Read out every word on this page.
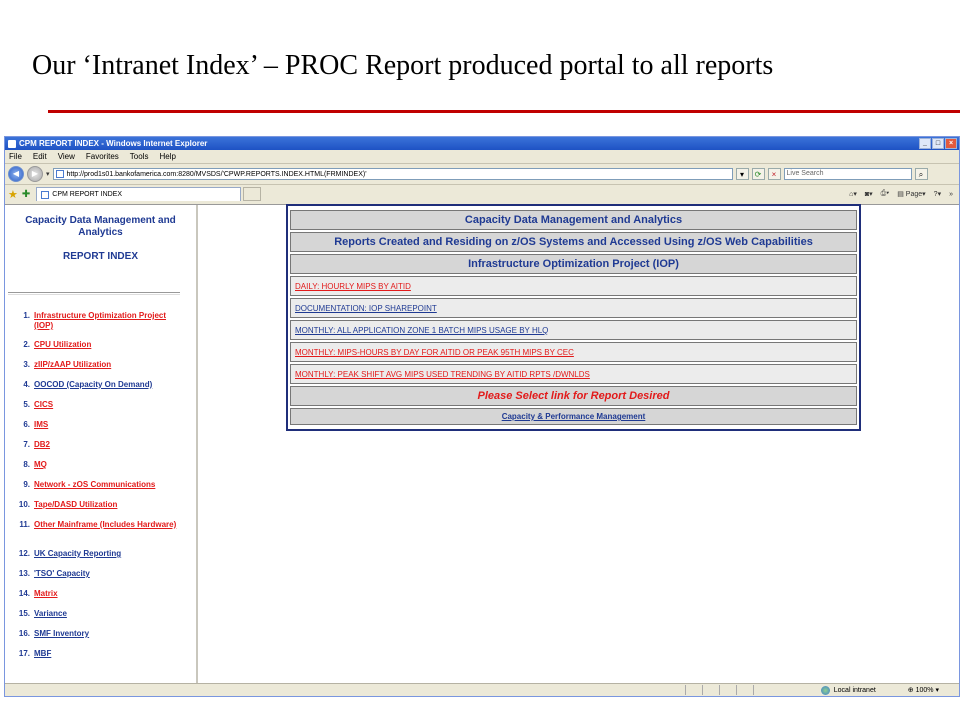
Our ‘Intranet Index’ – PROC Report produced portal to all reports
CPM REPORT INDEX - Windows Internet Explorer	_	□	×
File Edit View Favorites Tools Help
◀	▶	▾ http://prod1s01.bankofamerica.com:8280/MVSDS/'CPWP.REPORTS.INDEX.HTML(FRMINDEX)'	▾	⟳	×	Live Search	⌕
★ ✚	CPM REPORT INDEX	⌂▾ ◙▾ ⎙▾ ▤ Page▾ ?▾ »
Capacity Data Management and Analytics
REPORT INDEX
1. Infrastructure Optimization Project (IOP)
2. CPU Utilization
3. zIIP/zAAP Utilization
4. OOCOD (Capacity On Demand)
5. CICS
6. IMS
7. DB2
8. MQ
9. Network - zOS Communications
10. Tape/DASD Utilization
11. Other Mainframe (Includes Hardware)
12. UK Capacity Reporting
13. 'TSO' Capacity
14. Matrix
15. Variance
16. SMF Inventory
17. MBF
Capacity Data Management and Analytics
Reports Created and Residing on z/OS Systems and Accessed Using z/OS Web Capabilities
Infrastructure Optimization Project (IOP)
DAILY: HOURLY MIPS BY AITID
DOCUMENTATION: IOP SHAREPOINT
MONTHLY: ALL APPLICATION ZONE 1 BATCH MIPS USAGE BY HLQ
MONTHLY: MIPS-HOURS BY DAY FOR AITID OR PEAK 95TH MIPS BY CEC
MONTHLY: PEAK SHIFT AVG MIPS USED TRENDING BY AITID RPTS /DWNLDS
Please Select link for Report Desired
Capacity & Performance Management
Local intranet	⊕ 100% ▾
